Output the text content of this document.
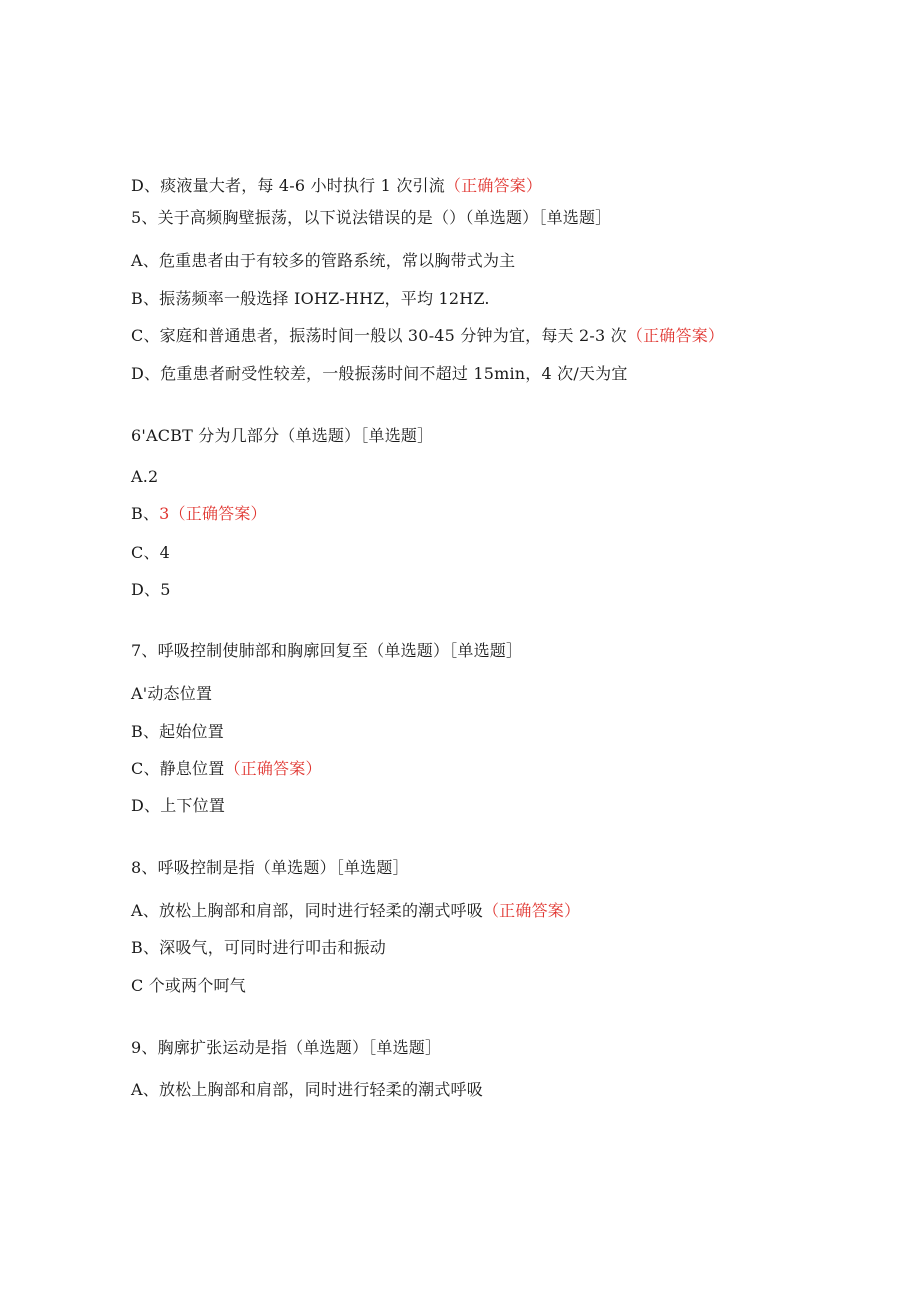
D、痰液量大者，每 4-6 小时执行 1 次引流（正确答案）
5、关于高频胸壁振荡，以下说法错误的是（）（单选题）［单选题］
A、危重患者由于有较多的管路系统，常以胸带式为主
B、振荡频率一般选择 IOHZ-HHZ，平均 12HZ.
C、家庭和普通患者，振荡时间一般以 30-45 分钟为宜，每天 2-3 次（正确答案）
D、危重患者耐受性较差，一般振荡时间不超过 15min，4 次/天为宜
6'ACBT 分为几部分（单选题）［单选题］
A.2
B、3（正确答案）
C、4
D、5
7、呼吸控制使肺部和胸廓回复至（单选题）［单选题］
A'动态位置
B、起始位置
C、静息位置（正确答案）
D、上下位置
8、呼吸控制是指（单选题）［单选题］
A、放松上胸部和肩部，同时进行轻柔的潮式呼吸（正确答案）
B、深吸气，可同时进行叩击和振动
C 个或两个呵气
9、胸廓扩张运动是指（单选题）［单选题］
A、放松上胸部和肩部，同时进行轻柔的潮式呼吸
